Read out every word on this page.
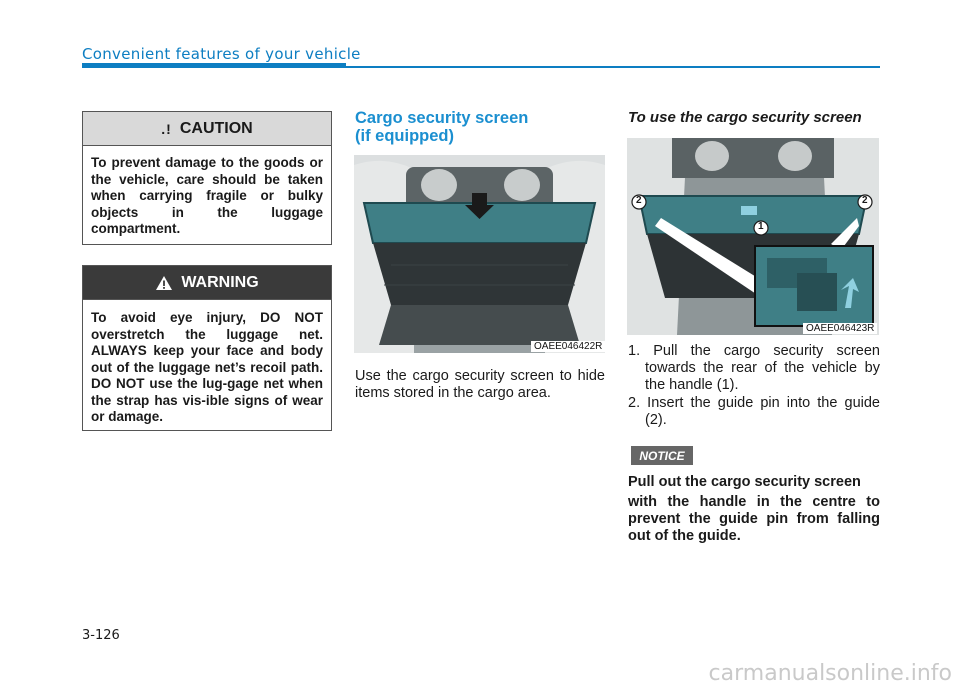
Convenient features of your vehicle
.! CAUTION
To prevent damage to the goods or the vehicle, care should be taken when carrying fragile or bulky objects in the luggage compartment.
WARNING
To avoid eye injury, DO NOT overstretch the luggage net. ALWAYS keep your face and body out of the luggage net’s recoil path. DO NOT use the lug-gage net when the strap has vis-ible signs of wear or damage.
Cargo security screen
(if equipped)
OAEE046422R
Use the cargo security screen to hide items stored in the cargo area.
To use the cargo security screen
1
2	2
OAEE046423R
1. Pull the cargo security screen towards the rear of the vehicle by the handle (1).
2. Insert the guide pin into the guide (2).
NOTICE
Pull out the cargo security screen
with the handle in the centre to prevent the guide pin from falling out of the guide.
3-126
carmanualsonline.info
